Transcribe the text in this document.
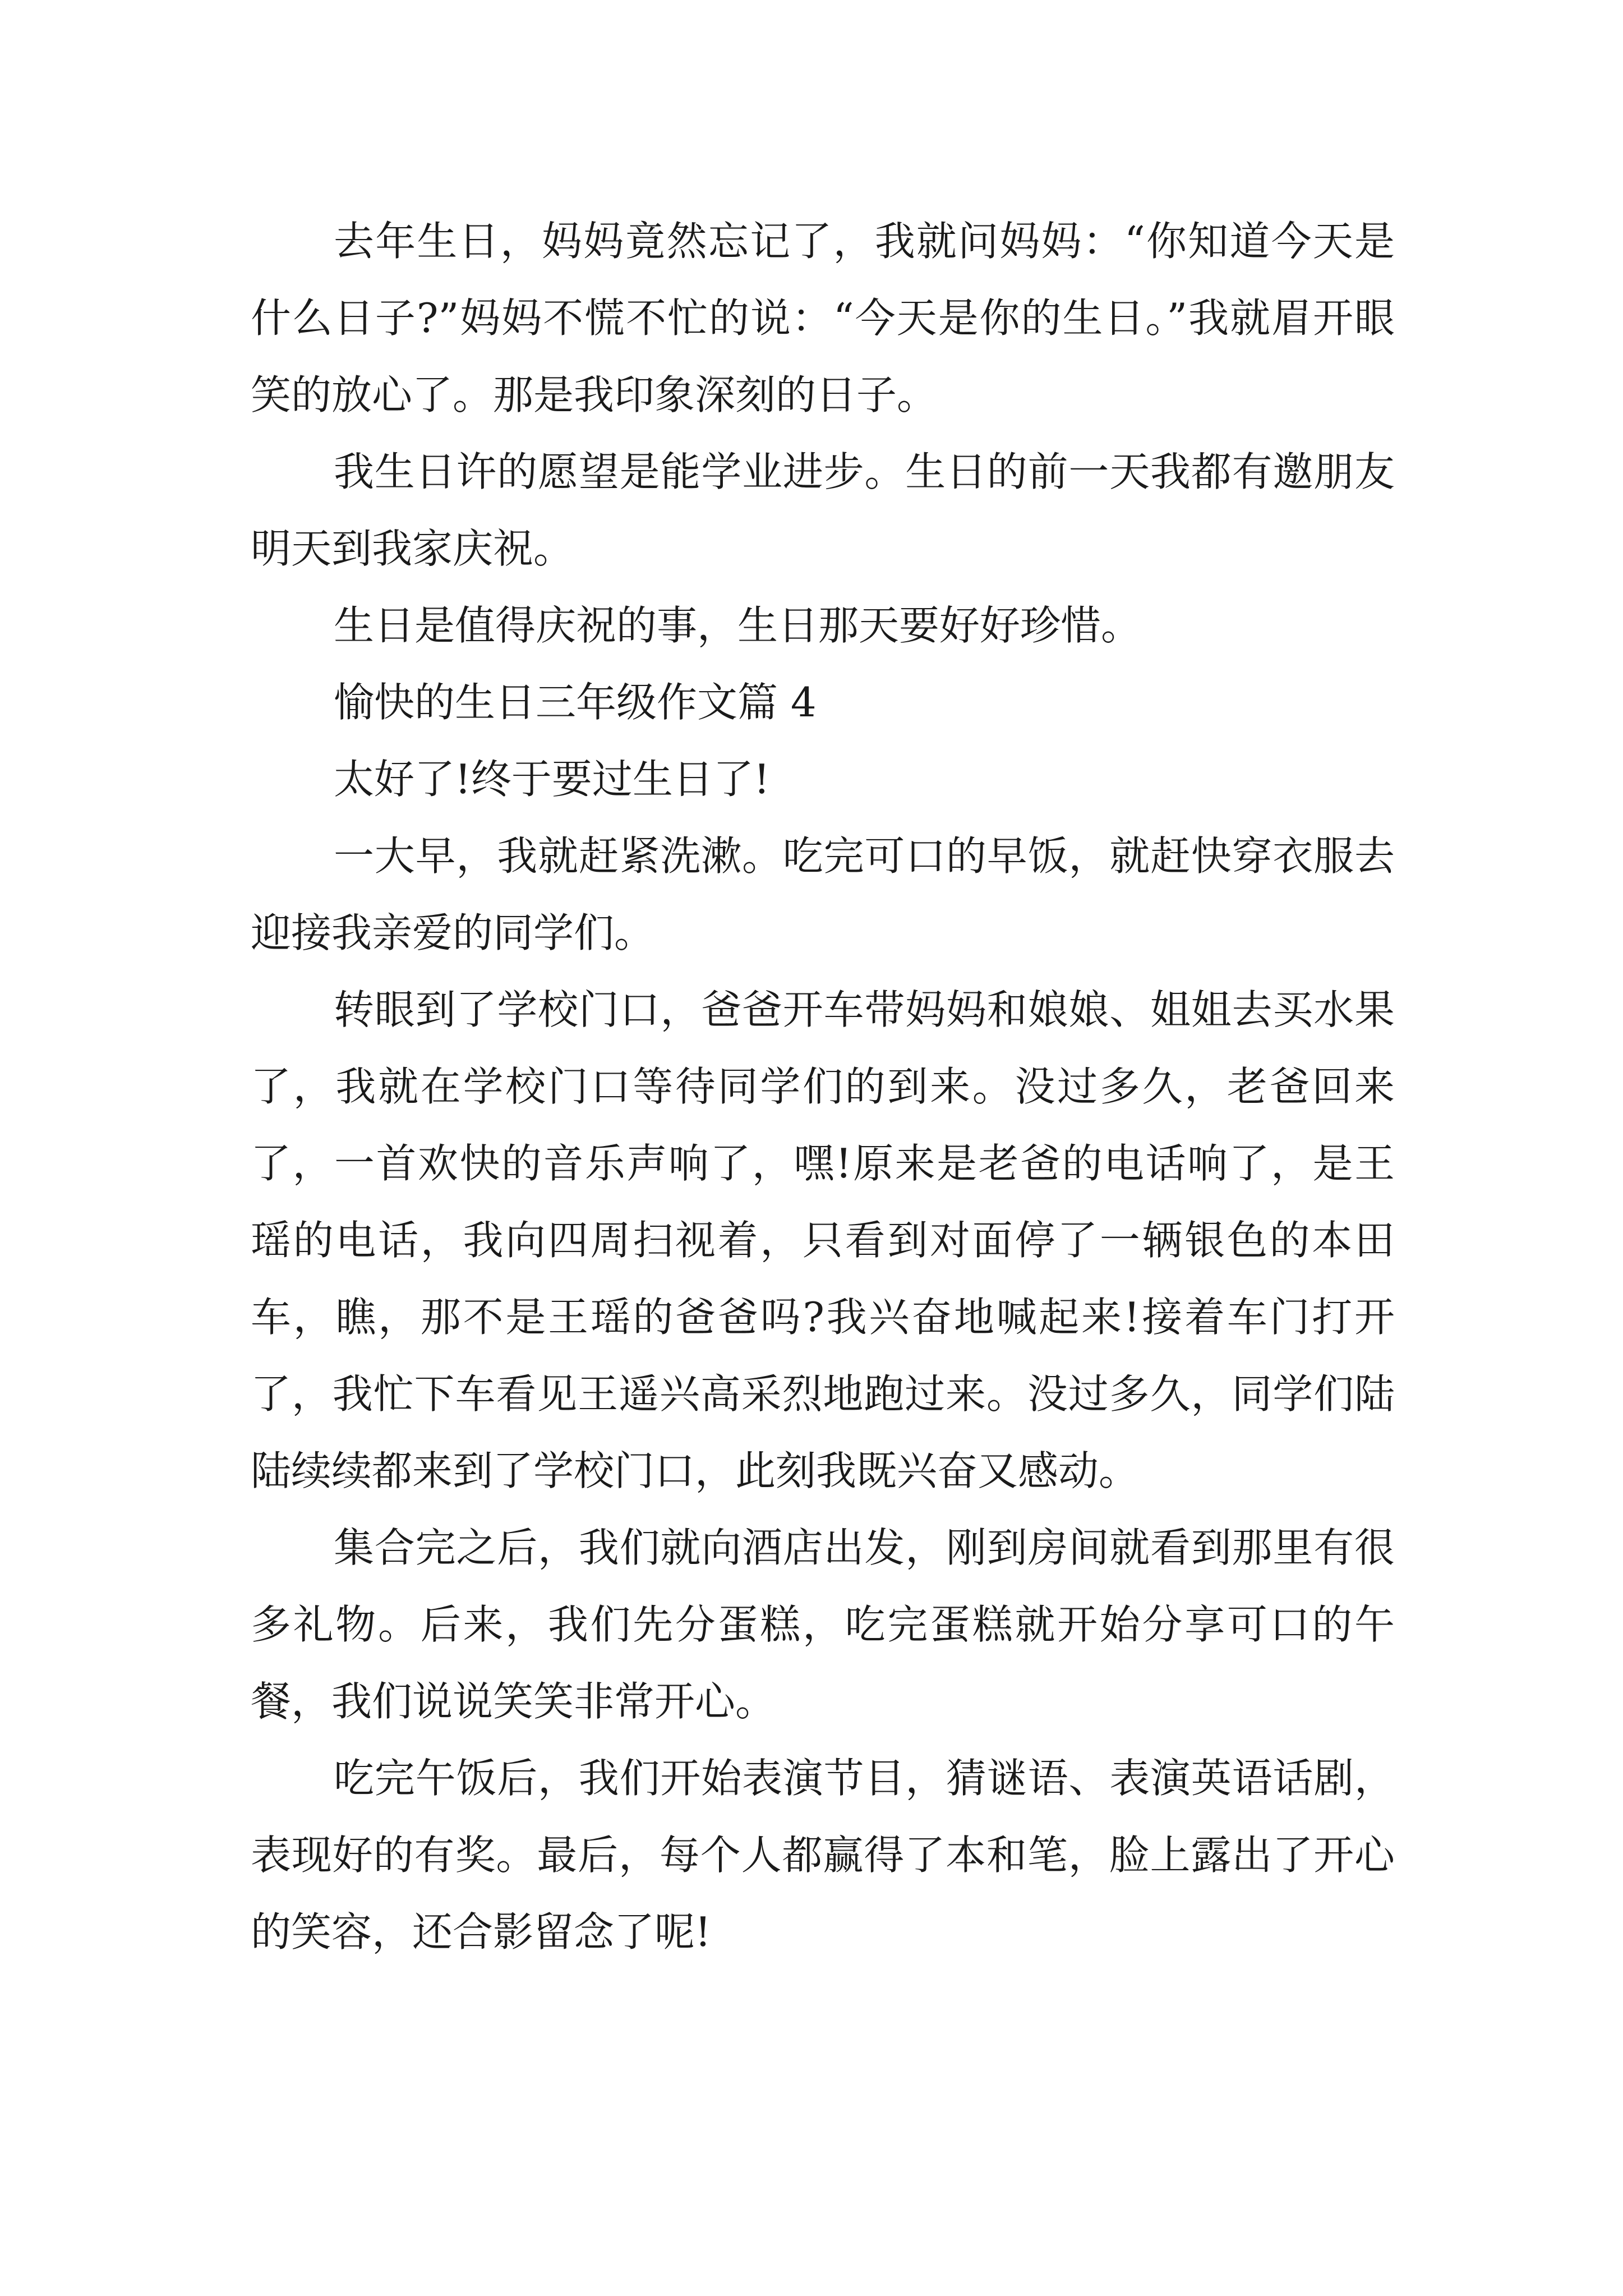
去年生日，妈妈竟然忘记了，我就问妈妈：“你知道今天是什么日子?”妈妈不慌不忙的说：“今天是你的生日。”我就眉开眼笑的放心了。那是我印象深刻的日子。

我生日许的愿望是能学业进步。生日的前一天我都有邀朋友明天到我家庆祝。

生日是值得庆祝的事，生日那天要好好珍惜。

愉快的生日三年级作文篇 4

太好了!终于要过生日了!

一大早，我就赶紧洗漱。吃完可口的早饭，就赶快穿衣服去迎接我亲爱的同学们。

转眼到了学校门口，爸爸开车带妈妈和娘娘、姐姐去买水果了，我就在学校门口等待同学们的到来。没过多久，老爸回来了，一首欢快的音乐声响了，嘿!原来是老爸的电话响了，是王瑶的电话，我向四周扫视着，只看到对面停了一辆银色的本田车，瞧，那不是王瑶的爸爸吗?我兴奋地喊起来!接着车门打开了，我忙下车看见王遥兴高采烈地跑过来。没过多久，同学们陆陆续续都来到了学校门口，此刻我既兴奋又感动。

集合完之后，我们就向酒店出发，刚到房间就看到那里有很多礼物。后来，我们先分蛋糕，吃完蛋糕就开始分享可口的午餐，我们说说笑笑非常开心。

吃完午饭后，我们开始表演节目，猜谜语、表演英语话剧，表现好的有奖。最后，每个人都赢得了本和笔，脸上露出了开心的笑容，还合影留念了呢!
